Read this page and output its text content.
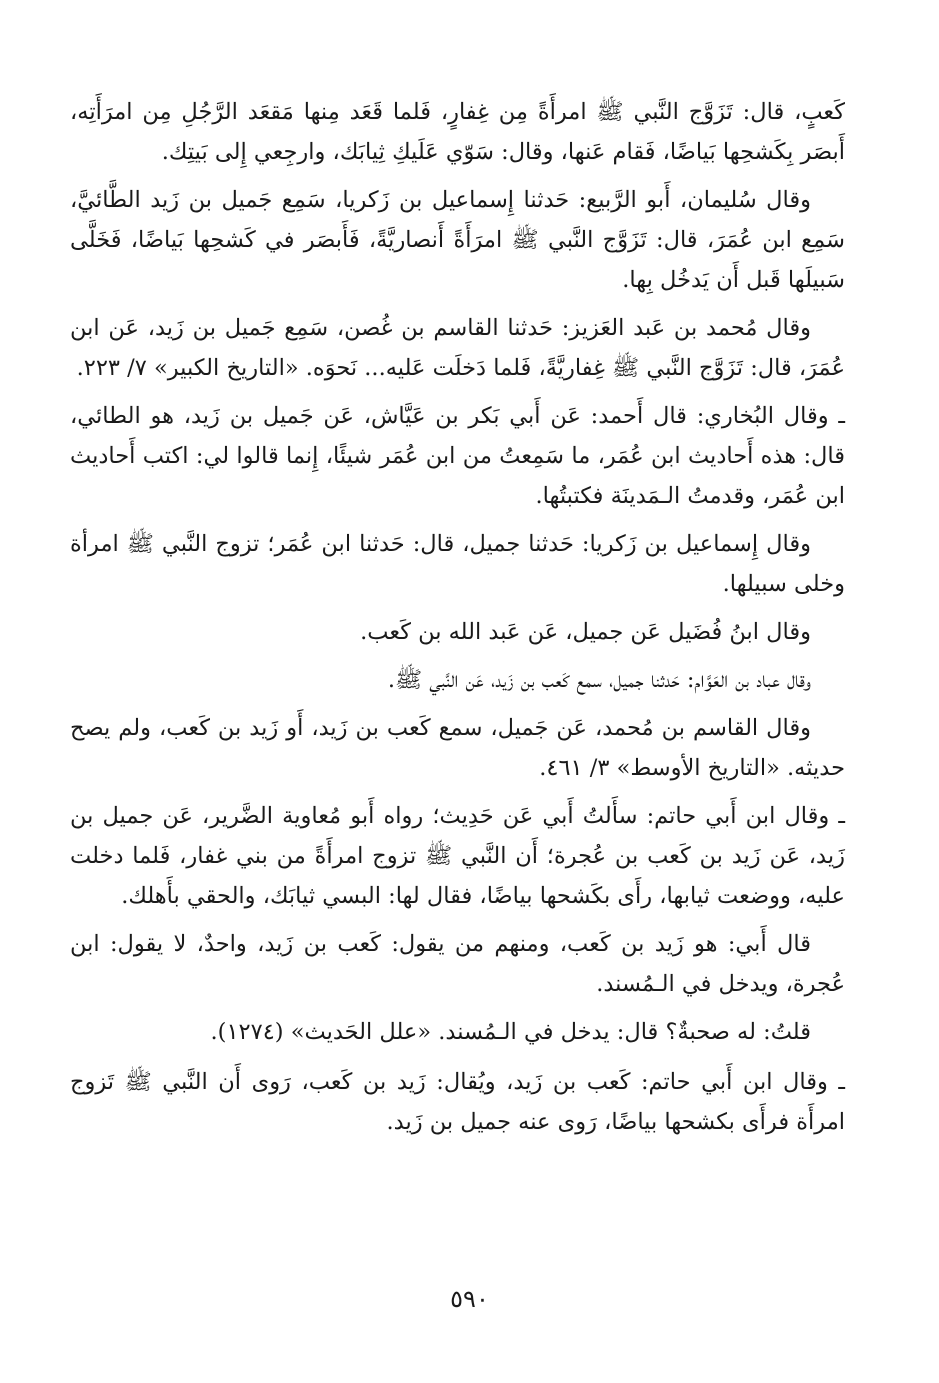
كَعبٍ، قال: تَزَوَّج النَّبي ﷺ امرأَةً مِن غِفارٍ، فَلما قَعَد مِنها مَقعَد الرَّجُلِ مِن امرَأَتِه، أَبصَر بِكَشحِها بَياضًا، فَقام عَنها، وقال: سَوّي عَلَيكِ ثِيابَك، وارجِعي إِلى بَيتِك.

وقال سُليمان، أَبو الرَّبيع: حَدثنا إِسماعيل بن زَكريا، سَمِع جَميل بن زَيد الطَّائيَّ، سَمِع ابن عُمَرَ، قال: تَزَوَّج النَّبي ﷺ امرَأَةً أَنصاريَّةً، فَأَبصَر في كَشحِها بَياضًا، فَخَلَّى سَبيلَها قَبل أَن يَدخُل بِها.

وقال مُحمد بن عَبد العَزيز: حَدثنا القاسم بن غُصن، سَمِع جَميل بن زَيد، عَن ابن عُمَرَ، قال: تَزَوَّج النَّبي ﷺ غِفاريَّةً، فَلما دَخلَت عَليه... نَحوَه. «التاريخ الكبير» ٧/ ٢٢٣.

ـ وقال البُخاري: قال أَحمد: عَن أَبي بَكر بن عَيَّاش، عَن جَميل بن زَيد، هو الطائي، قال: هذه أَحاديث ابن عُمَر، ما سَمِعتُ من ابن عُمَر شيئًا، إِنما قالوا لي: اكتب أَحاديث ابن عُمَر، وقدمتُ الـمَدينَة فكتبتُها.

وقال إِسماعيل بن زَكريا: حَدثنا جميل، قال: حَدثنا ابن عُمَر؛ تزوج النَّبي ﷺ امرأة وخلى سبيلها.

وقال ابنُ فُضَيل عَن جميل، عَن عَبد الله بن كَعب.

وقال عباد بن العَوَّام: حَدثنا جميل، سمع كَعب بن زَيد، عَن النَّبي ﷺ.

وقال القاسم بن مُحمد، عَن جَميل، سمع كَعب بن زَيد، أَو زَيد بن كَعب، ولم يصح حديثه. «التاريخ الأوسط» ٣/ ٤٦١.

ـ وقال ابن أَبي حاتم: سأَلتُ أَبي عَن حَدِيث؛ رواه أَبو مُعاوية الضَّرير، عَن جميل بن زَيد، عَن زَيد بن كَعب بن عُجرة؛ أَن النَّبي ﷺ تزوج امرأَةً من بني غفار، فَلما دخلت عليه، ووضعت ثيابها، رأَى بكَشحها بياضًا، فقال لها: البسي ثيابَك، والحقي بأَهلك.

قال أَبي: هو زَيد بن كَعب، ومنهم من يقول: كَعب بن زَيد، واحدٌ، لا يقول: ابن عُجرة، ويدخل في الـمُسند.

قلتُ: له صحبةٌ؟ قال: يدخل في الـمُسند. «علل الحَديث» (١٢٧٤).

ـ وقال ابن أَبي حاتم: كَعب بن زَيد، ويُقال: زَيد بن كَعب، رَوى أَن النَّبي ﷺ تَزوج امرأَة فرأَى بكشحها بياضًا، رَوى عنه جميل بن زَيد.

٥٩٠
